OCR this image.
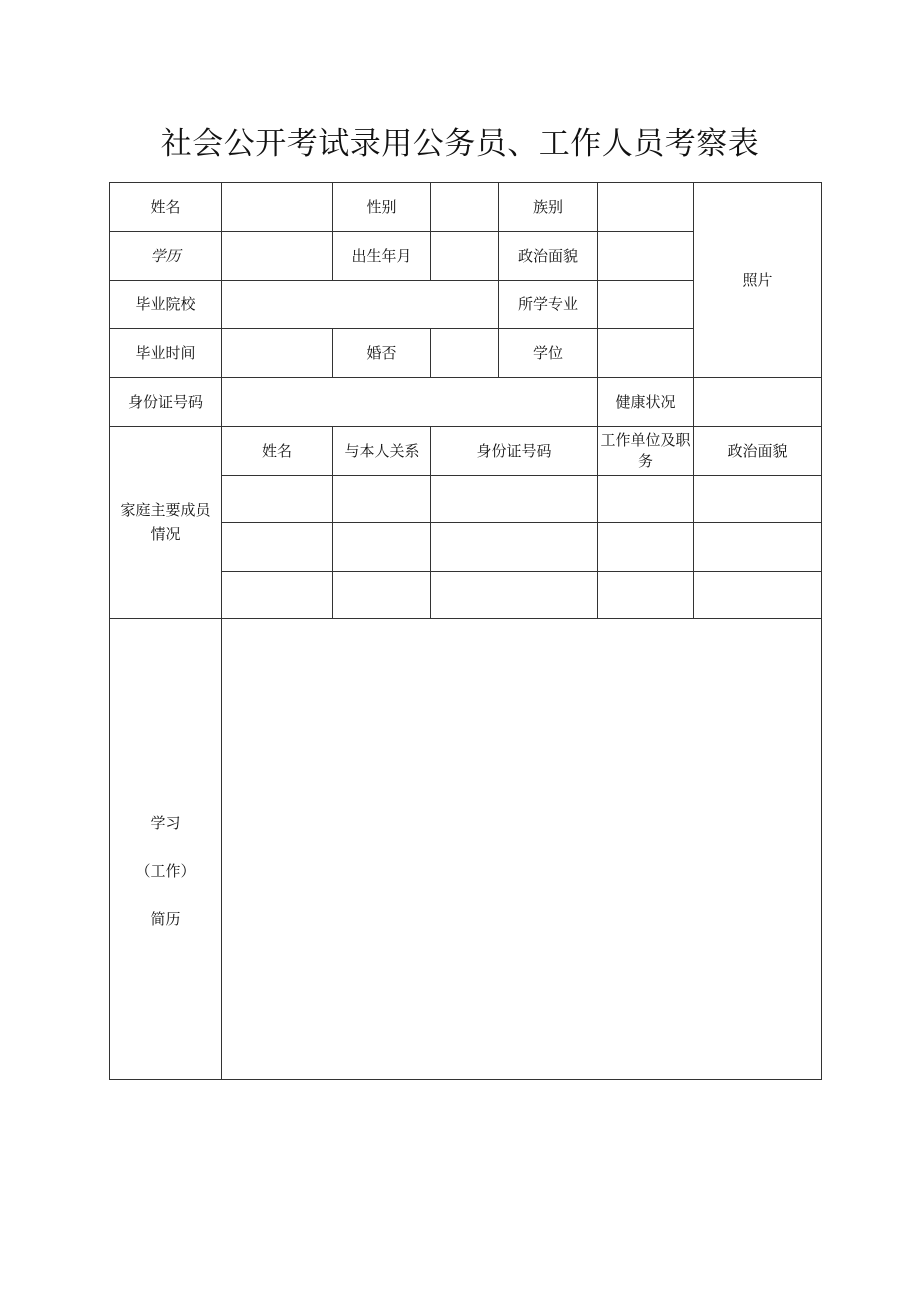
社会公开考试录用公务员、工作人员考察表
姓名		性别		族别		照片
学历		出生年月		政治面貌		
毕业院校				所学专业		
毕业时间		婚否		学位		
身份证号码					健康状况	

家庭主要成员情况	姓名	与本人关系	身份证号码		工作单位及职务	政治面貌

学习
（工作）
简历						
